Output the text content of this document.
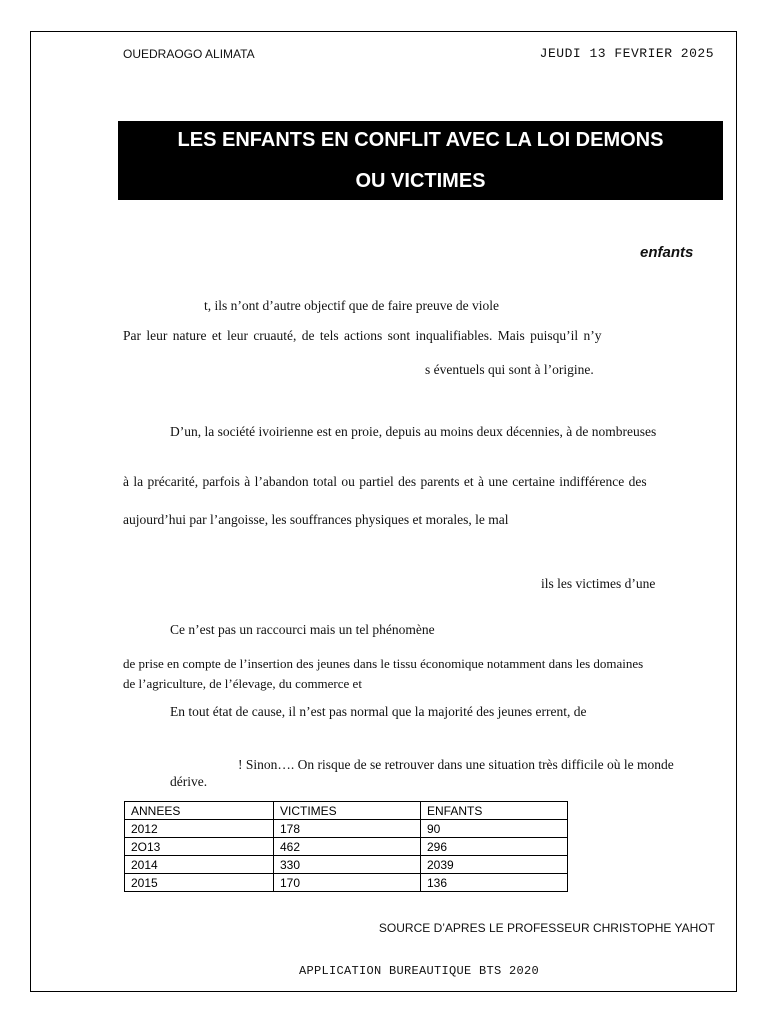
OUEDRAOGO ALIMATA	JEUDI 13 FEVRIER 2025
LES ENFANTS EN CONFLIT AVEC LA LOI DEMONS
OU VICTIMES
enfants
t, ils n’ont d’autre objectif que de faire preuve de viole
Par leur nature et leur cruauté, de tels actions sont inqualifiables. Mais puisqu’il n’y
s éventuels qui sont à l’origine.
D’un, la société ivoirienne est en proie, depuis au moins deux décennies, à de nombreuses
à la précarité, parfois à l’abandon total ou partiel des parents et à une certaine indifférence des
aujourd’hui par l’angoisse, les souffrances physiques et morales, le mal
ils les victimes d’une
Ce n’est pas un raccourci mais un tel phénomène
de prise en compte de l’insertion des jeunes dans le tissu économique notamment dans les domaines
de l’agriculture, de l’élevage, du commerce et
En tout état de cause, il n’est pas normal que la majorité des jeunes errent, de
! Sinon…. On risque de se retrouver dans une situation très difficile où le monde
dérive.
ANNEES	VICTIMES	ENFANTS
2012	178	90
2O13	462	296
2014	330	2039
2015	170	136
SOURCE D’APRES LE PROFESSEUR CHRISTOPHE YAHOT
APPLICATION BUREAUTIQUE BTS 2020
